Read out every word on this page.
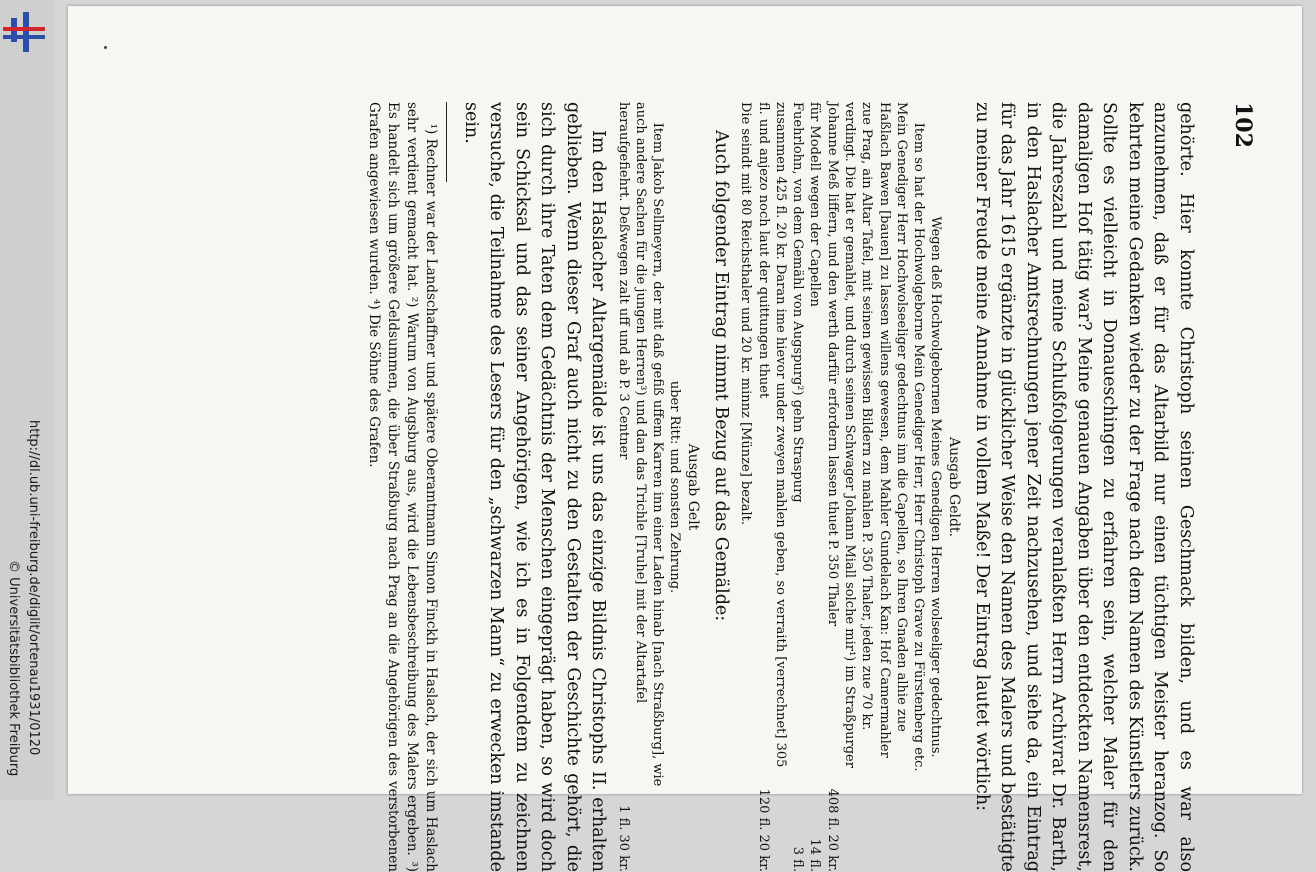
http://dl.ub.uni-freiburg.de/diglit/ortenau1931/0120
© Universitätsbibliothek Freiburg
102

gehörte. Hier konnte Christoph seinen Geschmack bilden, und es war also anzunehmen, daß er für das Altarbild nur einen tüchtigen Meister heranzog. So kehrten meine Gedanken wieder zu der Frage nach dem Namen des Künstlers zurück. Sollte es vielleicht in Donaueschingen zu erfahren sein, welcher Maler für den damaligen Hof tätig war? Meine genauen Angaben über den entdeckten Namensrest, die Jahreszahl und meine Schlußfolgerungen veranlaßten Herrn Archivrat Dr. Barth, in den Haslacher Amtsrechnungen jener Zeit nachzusehen, und siehe da, ein Eintrag für das Jahr 1615 ergänzte in glücklicher Weise den Namen des Malers und bestätigte zu meiner Freude meine Annahme in vollem Maße! Der Eintrag lautet wörtlich:

Ausgab Geldt.

Wegen deß Hochwolgebornen Meines Genedigen Herren wolseeliger gedechtnus.

Item so hat der Hochwolgeborne Mein Genediger Herr, Herr Christoph Grave zu Fürstenberg etc. Mein Genediger Herr Hochwolseeliger gedechtnus inn die Capellen, so Ihren Gnaden alhie zue Haßlach Bawen [bauen] zu lassen willens gewesen, dem Mahler Gundelach Kan: Hof Camermahler zue Prag, ain Altar Tafel, mit seinen gewissen Bildern zu mahlen P. 350 Thaler, jeden zue 70 kr. verdingt. Die hat er gemahlet, und durch seinen Schwager Johann Miall solche mir¹) im Straßpurger Johanne Meß liffern, und den werth darfür erfordern lassen thuet P. 350 Thaler
408 fl. 20 kr.
für Modell wegen der Capellen
14 fl.
Fuehrlohn, von dem Gemähl von Augspurg²) gehn Straspurg
3 fl.
zusammen 425 fl. 20 kr. Daran ime hievor under zweyen mahlen geben, so verraith [verrechnet] 305 fl. und anjezo noch laut der quittungen thuet
120 fl. 20 kr.

Die seindt mit 80 Reichsthaler und 20 kr. minnz [Münze] bezalt.

Auch folgender Eintrag nimmt Bezug auf das Gemälde:

Ausgab Gelt

uber Ritt: und sonsten Zehrung.

Item Jakob Sellmeyern, der mit daß gefiß uffem Karren inn einer Laden hinab [nach Straßburg], wie auch andere Sachen für die jungen Herren³) und dan das Trichle [Truhe] mit der Altartafel heraufgefiehrt. Deßwegen zalt uff und ab P. 3 Centner
1 fl. 30 kr.

Im den Haslacher Altargemälde ist uns das einzige Bildnis Christophs II. erhalten geblieben. Wenn dieser Graf auch nicht zu den Gestalten der Geschichte gehört, die sich durch ihre Taten dem Gedächtnis der Menschen eingeprägt haben, so wird doch sein Schicksal und das seiner Angehörigen, wie ich es in Folgendem zu zeichnen versuche, die Teilnahme des Lesers für den „schwarzen Mann“ zu erwecken imstande sein.

¹) Rechner war der Landschaffner und spätere Oberamtmann Simon Finckh in Haslach, der sich um Haslach sehr verdient gemacht hat. ²) Warum von Augsburg aus, wird die Lebensbeschreibung des Malers ergeben. ³) Es handelt sich um größere Geldsummen, die über Straßburg nach Prag an die Angehörigen des verstorbenen Grafen angewiesen wurden. ⁴) Die Söhne des Grafen.
